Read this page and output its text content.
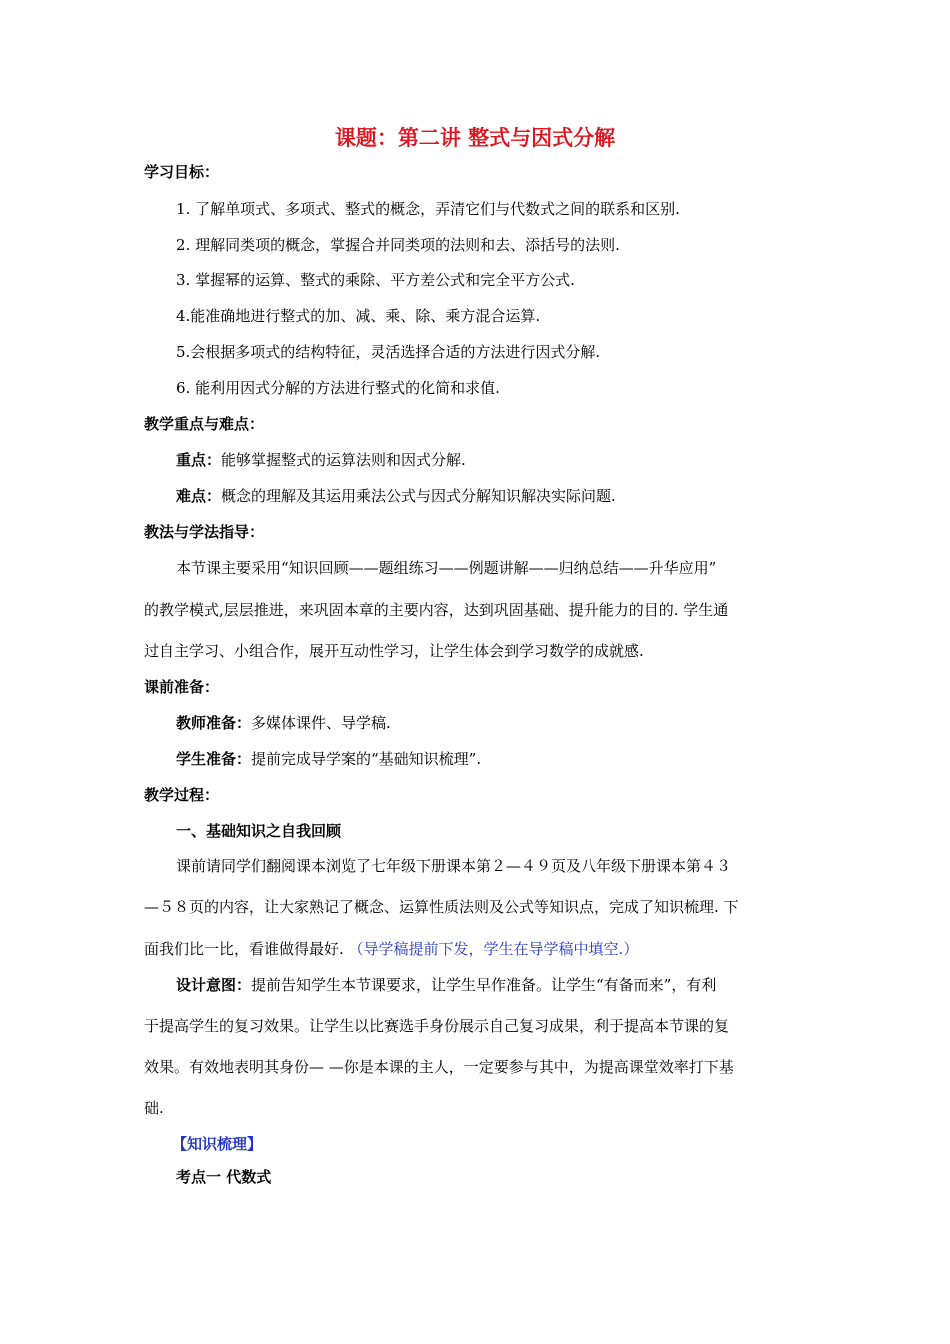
课题：第二讲 整式与因式分解
学习目标：
1. 了解单项式、多项式、整式的概念，弄清它们与代数式之间的联系和区别.
2. 理解同类项的概念，掌握合并同类项的法则和去、添括号的法则.
3. 掌握幂的运算、整式的乘除、平方差公式和完全平方公式.
4.能准确地进行整式的加、减、乘、除、乘方混合运算.
5.会根据多项式的结构特征，灵活选择合适的方法进行因式分解.
6. 能利用因式分解的方法进行整式的化简和求值.
教学重点与难点：
重点：能够掌握整式的运算法则和因式分解.
难点：概念的理解及其运用乘法公式与因式分解知识解决实际问题.
教法与学法指导：
本节课主要采用“知识回顾——题组练习——例题讲解——归纳总结——升华应用”
的教学模式,层层推进，来巩固本章的主要内容，达到巩固基础、提升能力的目的. 学生通
过自主学习、小组合作，展开互动性学习，让学生体会到学习数学的成就感.
课前准备：
教师准备：多媒体课件、导学稿.
学生准备：提前完成导学案的“基础知识梳理”.
教学过程：
一、基础知识之自我回顾
课前请同学们翻阅课本浏览了七年级下册课本第２—４９页及八年级下册课本第４３
—５８页的内容，让大家熟记了概念、运算性质法则及公式等知识点，完成了知识梳理. 下
面我们比一比，看谁做得最好. （导学稿提前下发，学生在导学稿中填空.）
设计意图：提前告知学生本节课要求，让学生早作准备。让学生“有备而来”，有利
于提高学生的复习效果。让学生以比赛选手身份展示自己复习成果，利于提高本节课的复
效果。有效地表明其身份— —你是本课的主人，一定要参与其中，为提高课堂效率打下基
础.
【知识梳理】
考点一 代数式
